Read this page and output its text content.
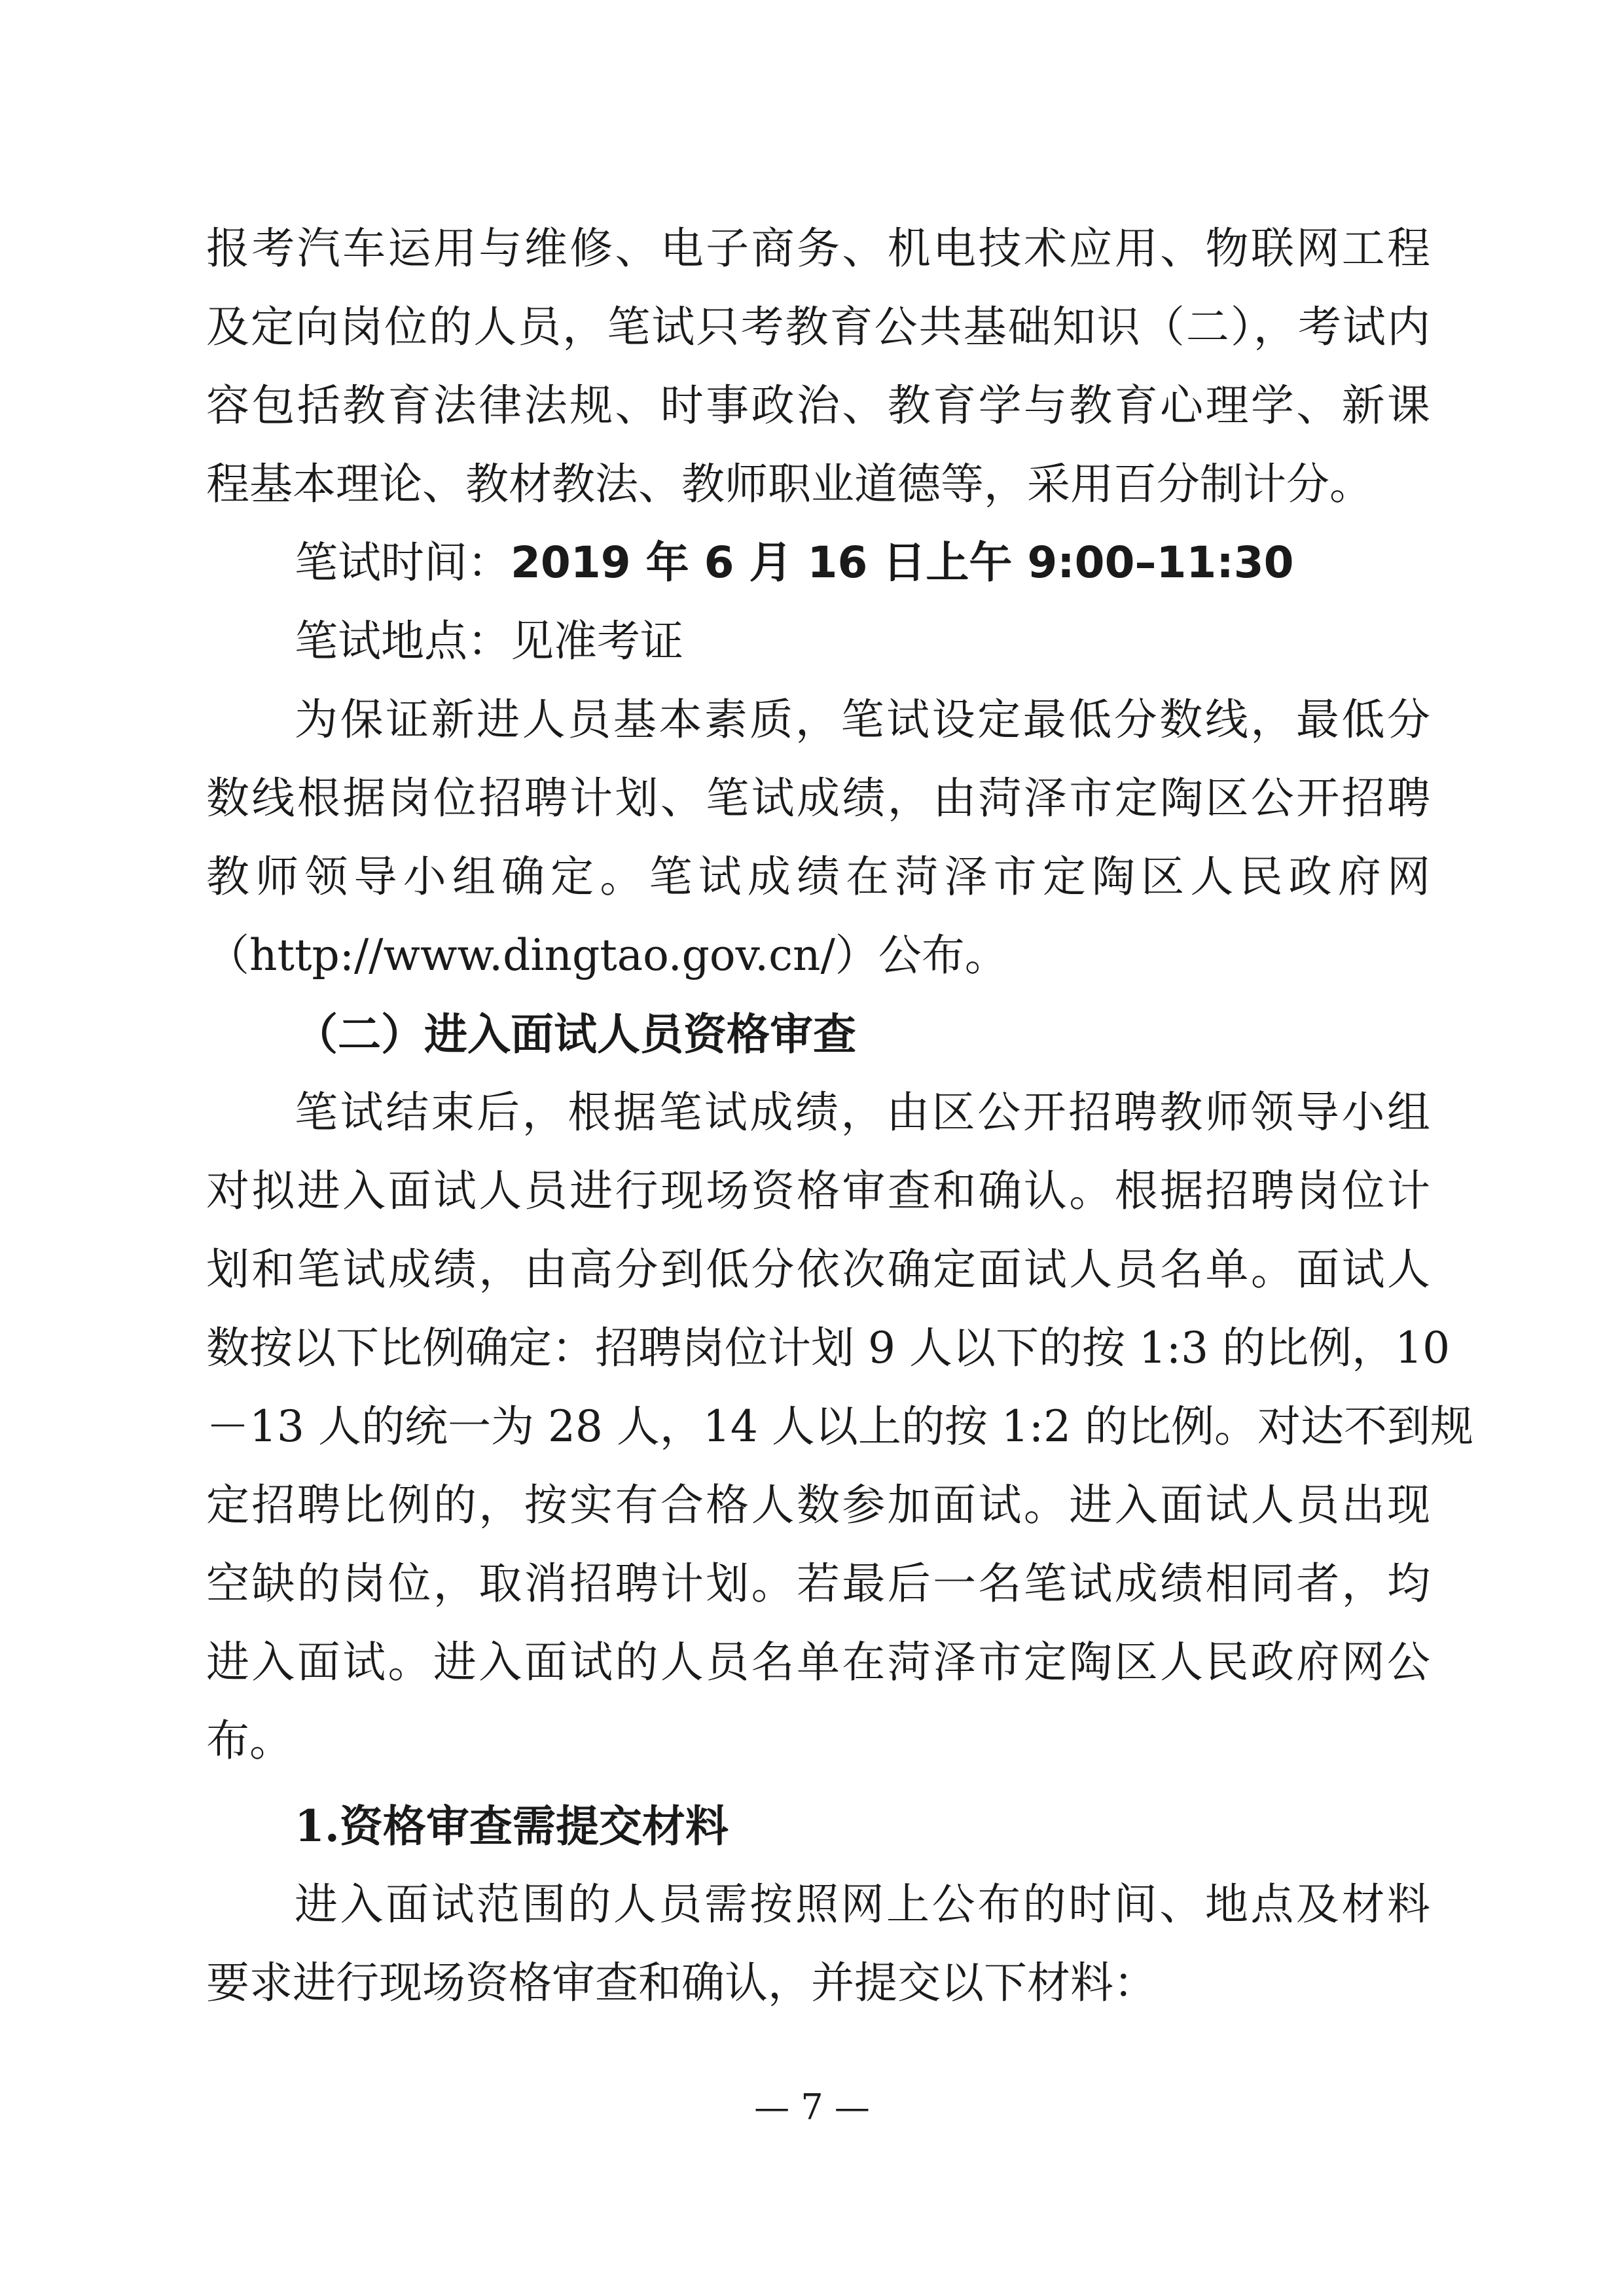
报考汽车运用与维修、电子商务、机电技术应用、物联网工程
及定向岗位的人员，笔试只考教育公共基础知识（二），考试内
容包括教育法律法规、时事政治、教育学与教育心理学、新课
程基本理论、教材教法、教师职业道德等，采用百分制计分。
笔试时间：2019 年 6 月 16 日上午 9:00–11:30
笔试地点：见准考证
为保证新进人员基本素质，笔试设定最低分数线，最低分
数线根据岗位招聘计划、笔试成绩，由菏泽市定陶区公开招聘
教师领导小组确定。笔试成绩在菏泽市定陶区人民政府网
（http://www.dingtao.gov.cn/）公布。
（二）进入面试人员资格审查
笔试结束后，根据笔试成绩，由区公开招聘教师领导小组
对拟进入面试人员进行现场资格审查和确认。根据招聘岗位计
划和笔试成绩，由高分到低分依次确定面试人员名单。面试人
数按以下比例确定：招聘岗位计划 9 人以下的按 1:3 的比例，10
－13 人的统一为 28 人，14 人以上的按 1:2 的比例。对达不到规
定招聘比例的，按实有合格人数参加面试。进入面试人员出现
空缺的岗位，取消招聘计划。若最后一名笔试成绩相同者，均
进入面试。进入面试的人员名单在菏泽市定陶区人民政府网公
布。
1.资格审查需提交材料
进入面试范围的人员需按照网上公布的时间、地点及材料
要求进行现场资格审查和确认，并提交以下材料：
— 7 —
